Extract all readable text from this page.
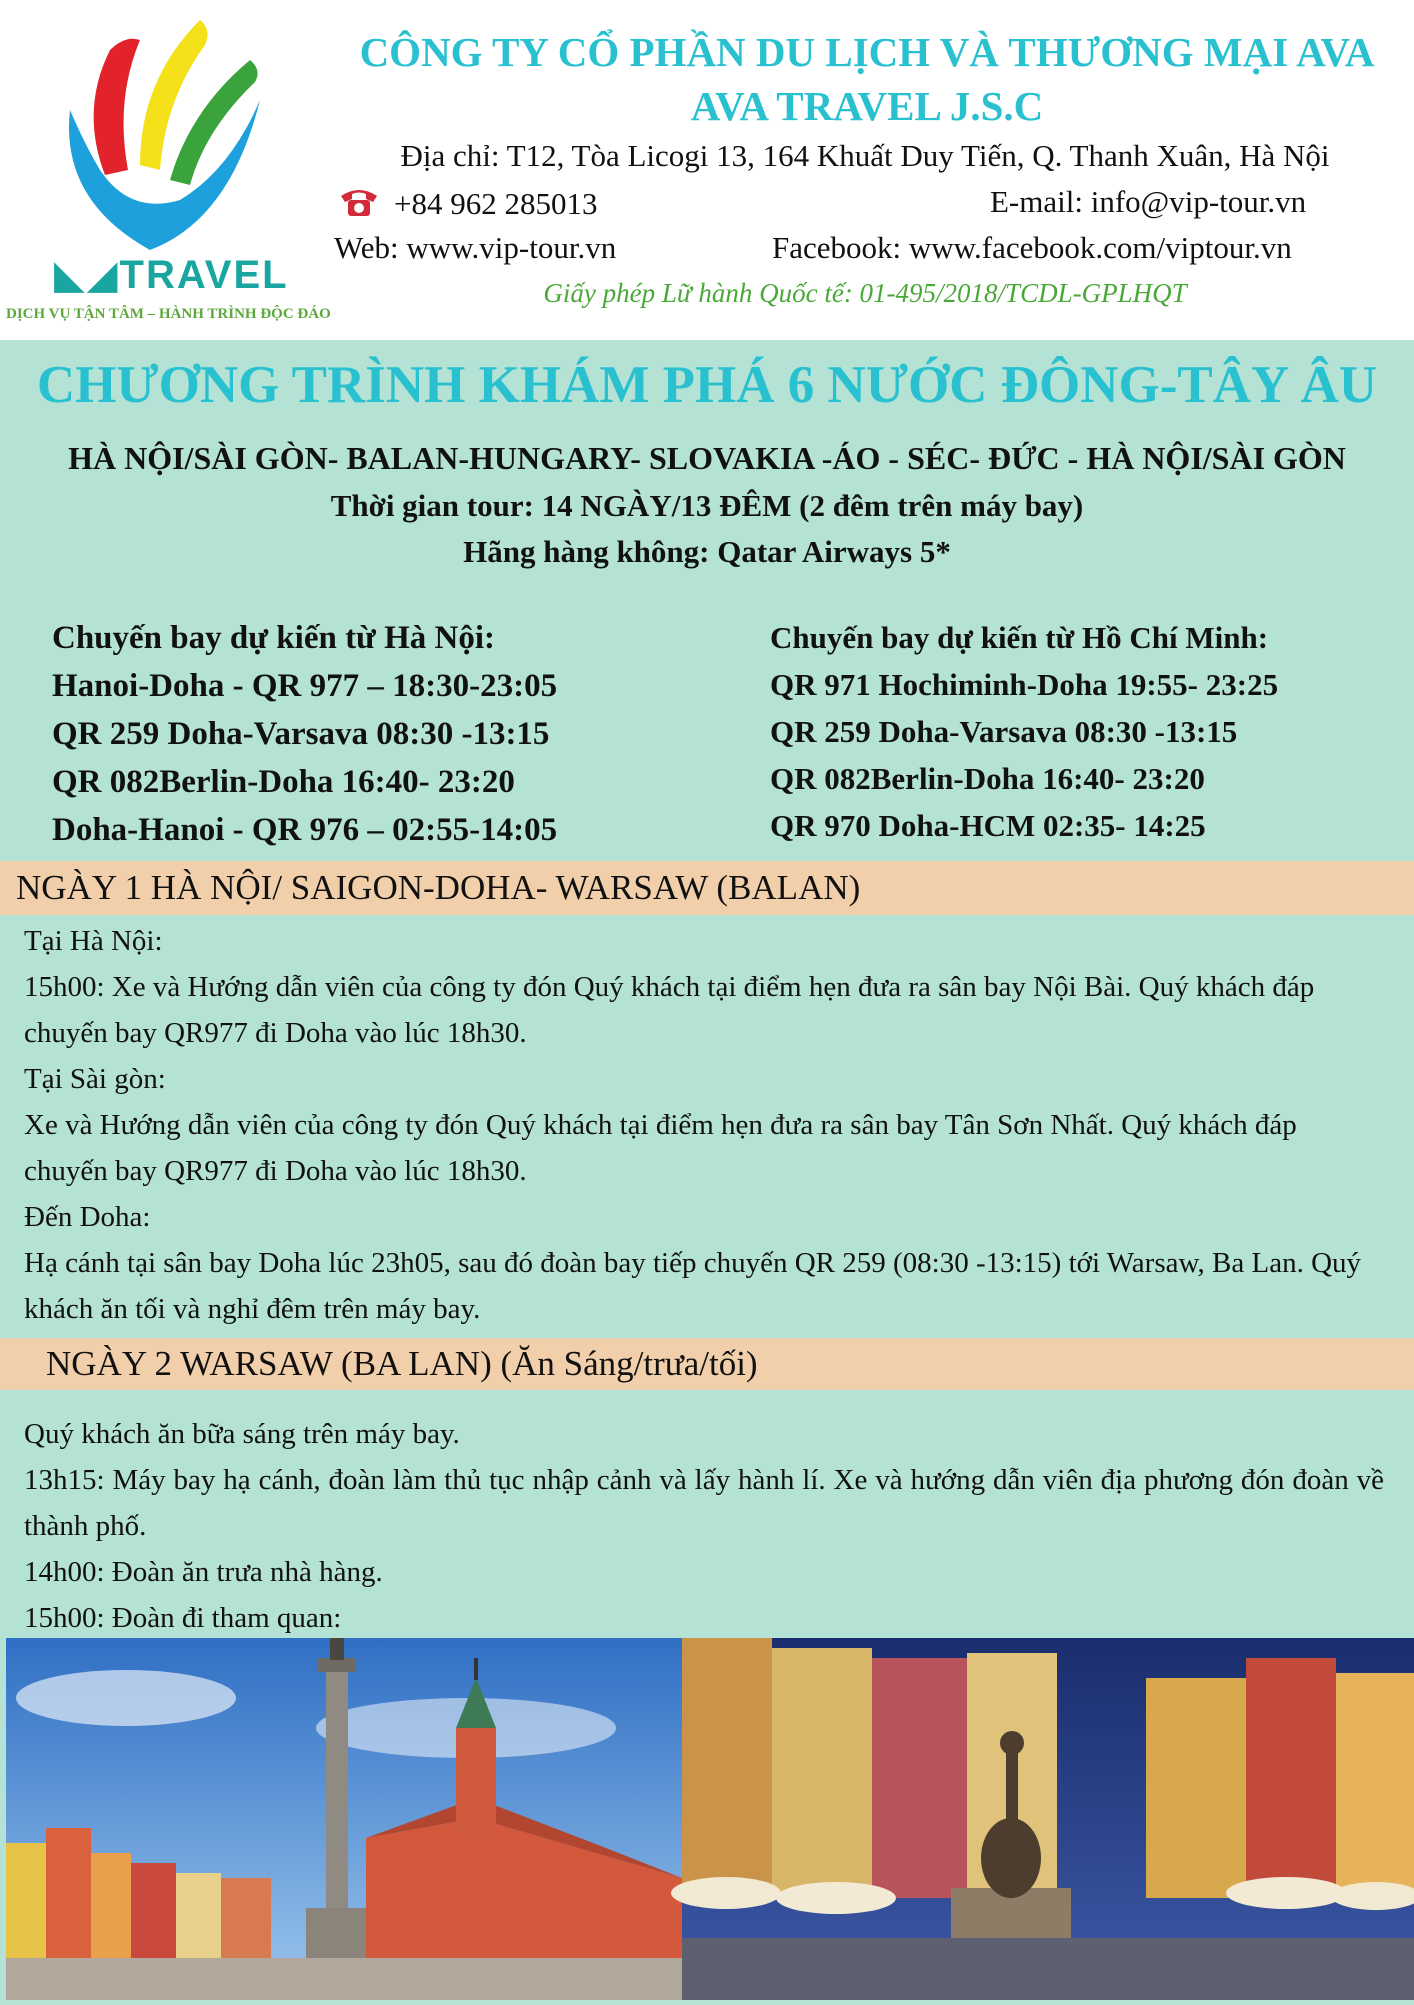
◣◢TRAVEL
DỊCH VỤ TẬN TÂM – HÀNH TRÌNH ĐỘC ĐÁO
CÔNG TY CỔ PHẦN DU LỊCH VÀ THƯƠNG MẠI AVA
AVA TRAVEL J.S.C
Địa chỉ: T12, Tòa Licogi 13, 164 Khuất Duy Tiến, Q. Thanh Xuân, Hà Nội
+84 962 285013	E-mail: info@vip-tour.vn
Web: www.vip-tour.vn	Facebook: www.facebook.com/viptour.vn
Giấy phép Lữ hành Quốc tế: 01-495/2018/TCDL-GPLHQT
CHƯƠNG TRÌNH KHÁM PHÁ 6 NƯỚC ĐÔNG-TÂY ÂU
HÀ NỘI/SÀI GÒN- BALAN-HUNGARY- SLOVAKIA -ÁO - SÉC- ĐỨC - HÀ NỘI/SÀI GÒN
Thời gian tour: 14 NGÀY/13 ĐÊM (2 đêm trên máy bay)
Hãng hàng không: Qatar Airways 5*
Chuyến bay dự kiến từ Hà Nội:
Hanoi-Doha - QR 977 – 18:30-23:05
QR 259 Doha-Varsava 08:30 -13:15
QR 082Berlin-Doha 16:40- 23:20
Doha-Hanoi - QR 976 – 02:55-14:05
Chuyến bay dự kiến từ Hồ Chí Minh:
QR 971 Hochiminh-Doha 19:55- 23:25
QR 259 Doha-Varsava 08:30 -13:15
QR 082Berlin-Doha 16:40- 23:20
QR 970 Doha-HCM 02:35- 14:25
NGÀY 1 HÀ NỘI/ SAIGON-DOHA- WARSAW (BALAN)

Tại Hà Nội:

15h00: Xe và Hướng dẫn viên của công ty đón Quý khách tại điểm hẹn đưa ra sân bay Nội Bài. Quý khách đáp chuyến bay QR977 đi Doha vào lúc 18h30.

Tại Sài gòn:

Xe và Hướng dẫn viên của công ty đón Quý khách tại điểm hẹn đưa ra sân bay Tân Sơn Nhất. Quý khách đáp chuyến bay QR977 đi Doha vào lúc 18h30.

Đến Doha:

Hạ cánh tại sân bay Doha lúc 23h05, sau đó đoàn bay tiếp chuyến QR 259 (08:30 -13:15) tới Warsaw, Ba Lan. Quý khách ăn tối và nghỉ đêm trên máy bay.

NGÀY 2 WARSAW (BA LAN) (Ăn Sáng/trưa/tối)

Quý khách ăn bữa sáng trên máy bay.

13h15: Máy bay hạ cánh, đoàn làm thủ tục nhập cảnh và lấy hành lí. Xe và hướng dẫn viên địa phương đón đoàn về thành phố.

14h00: Đoàn ăn trưa nhà hàng.

15h00: Đoàn đi tham quan:
